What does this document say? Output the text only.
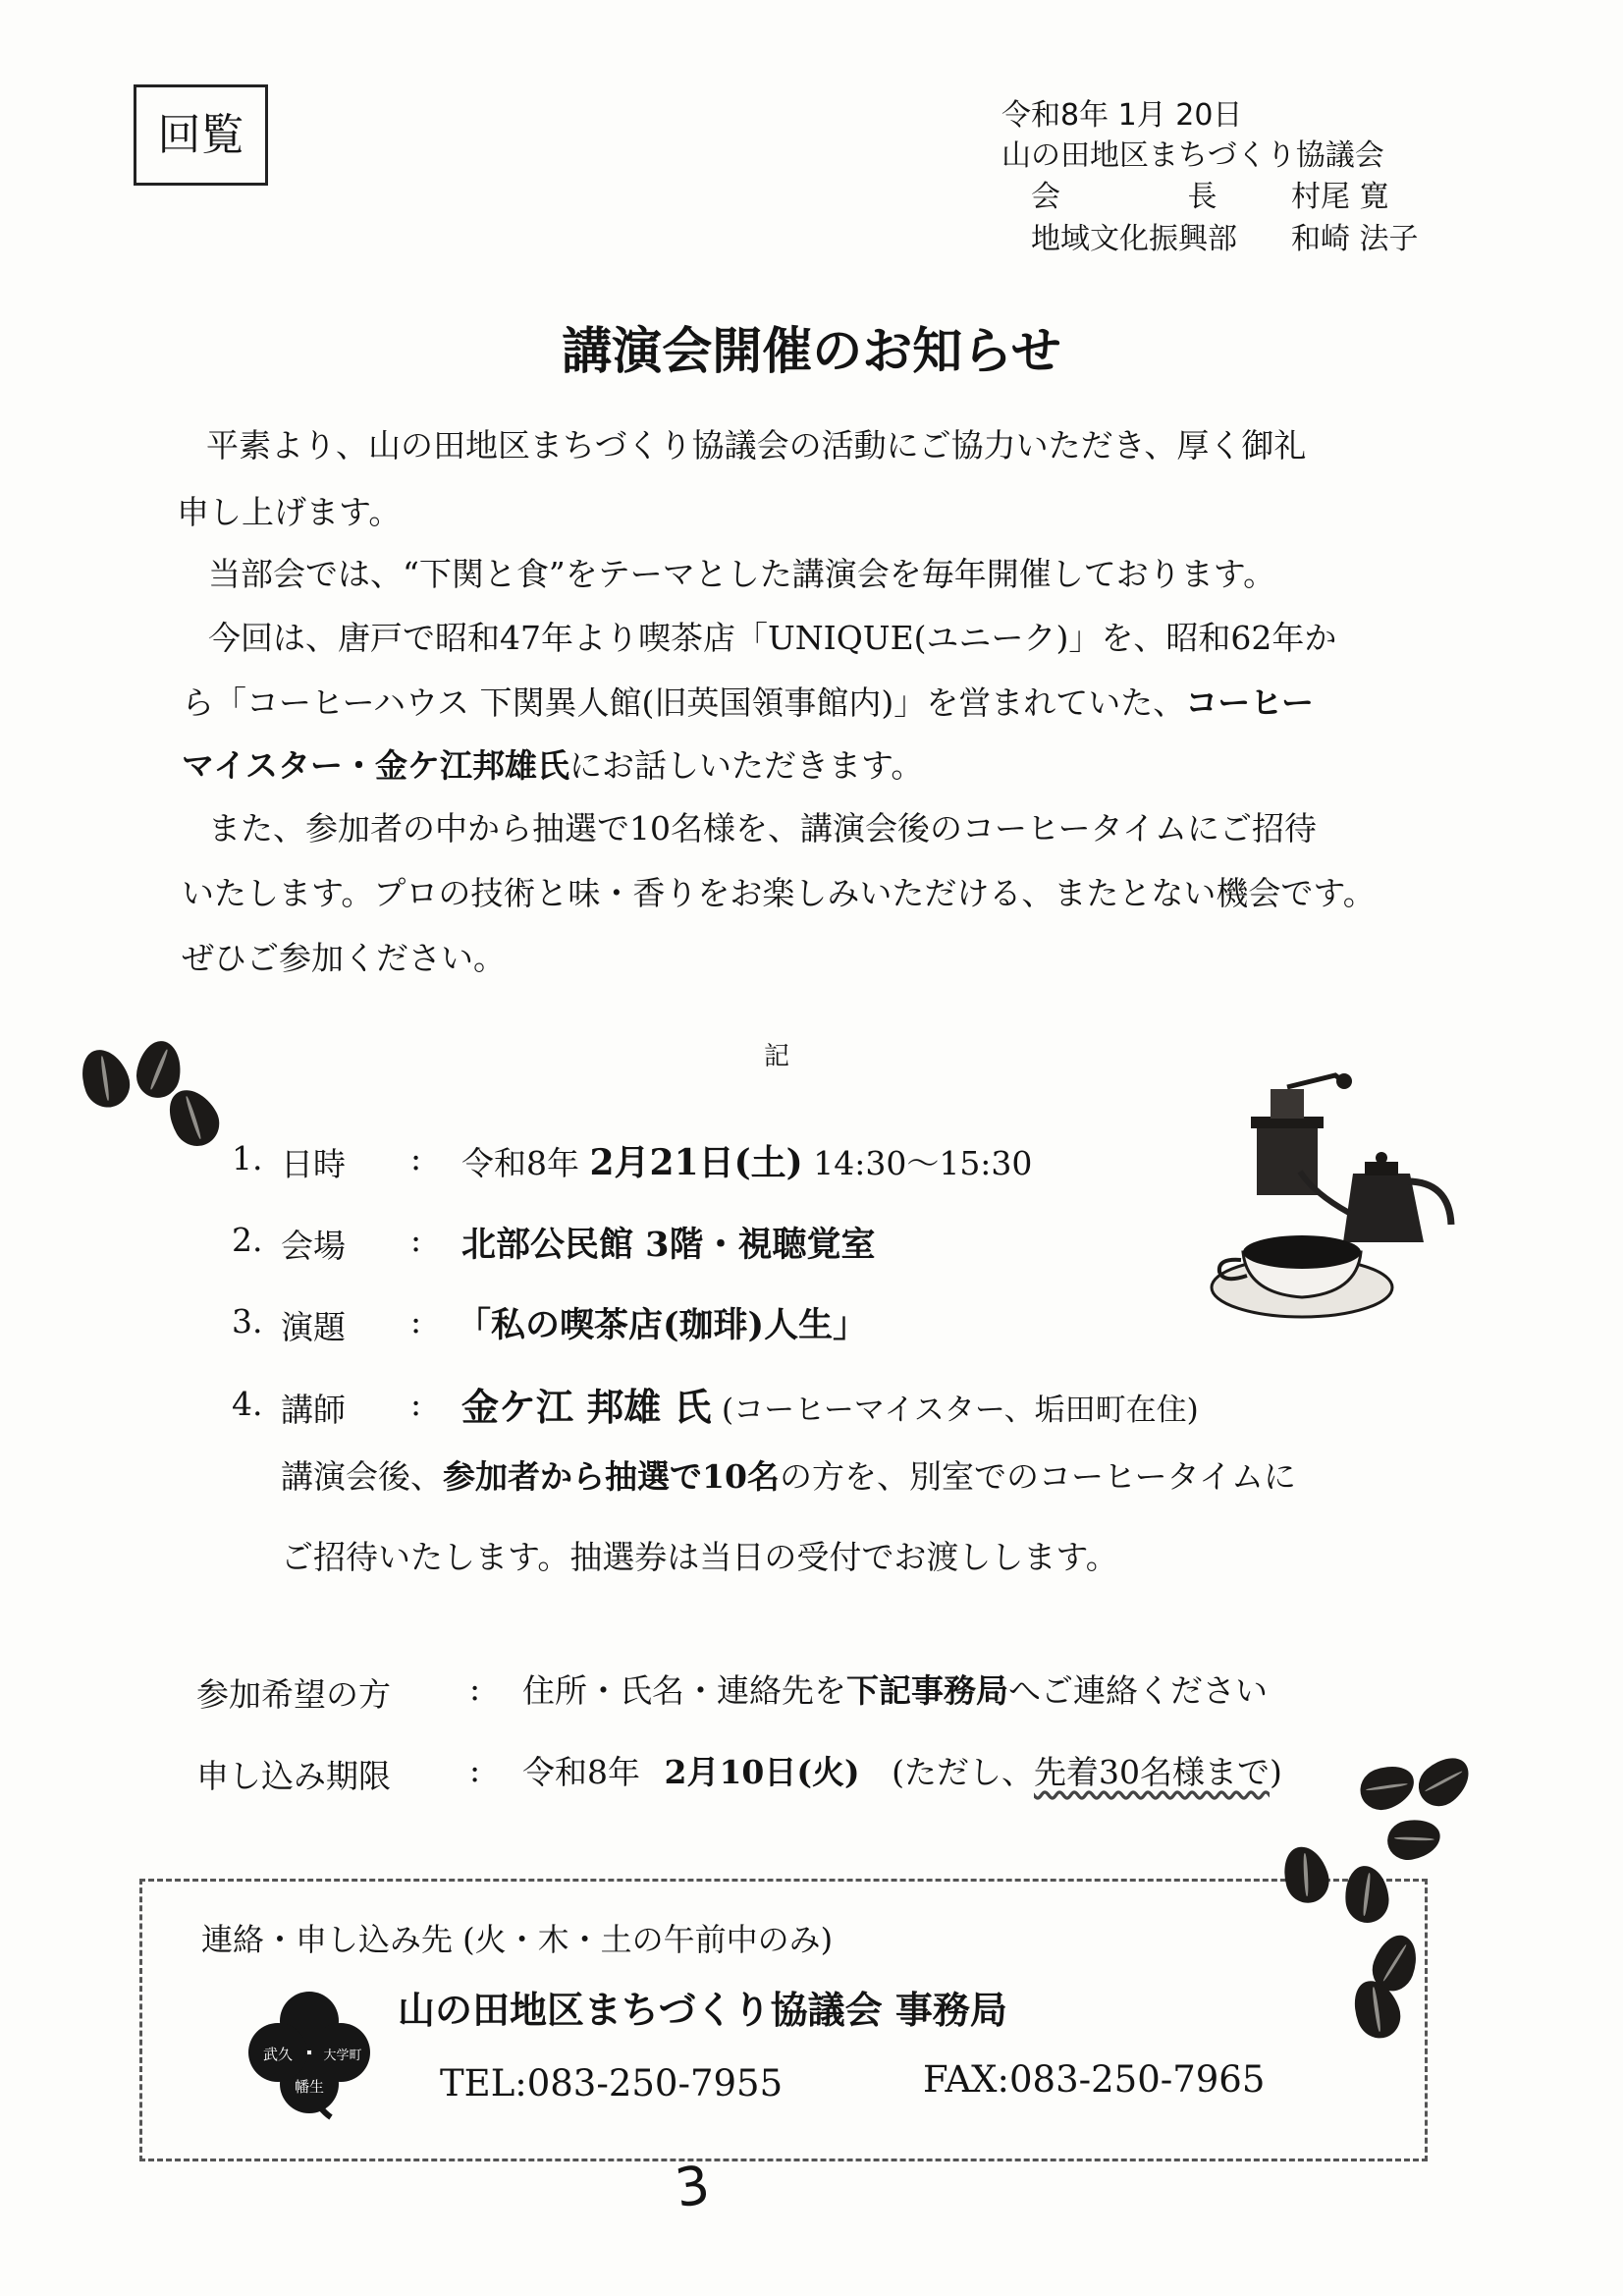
回覧	令和8年 1月 20日
山の田地区まちづくり協議会
会 長 村尾 寛
地域文化振興部 和崎 法子
講演会開催のお知らせ
平素より、山の田地区まちづくり協議会の活動にご協力いただき、厚く御礼
申し上げます。
当部会では、“下関と食”をテーマとした講演会を毎年開催しております。
今回は、唐戸で昭和47年より喫茶店「UNIQUE(ユニーク)」を、昭和62年か
ら「コーヒーハウス 下関異人館(旧英国領事館内)」を営まれていた、コーヒー
マイスター・金ケ江邦雄氏にお話しいただきます。
また、参加者の中から抽選で10名様を、講演会後のコーヒータイムにご招待
いたします。プロの技術と味・香りをお楽しみいただける、またとない機会です。
ぜひご参加ください。
記
1. 日時 : 令和8年 2月21日(土) 14:30〜15:30
2. 会場 : 北部公民館 3階・視聴覚室
3. 演題 : 「私の喫茶店(珈琲)人生」
4. 講師 : 金ケ江 邦雄 氏 (コーヒーマイスター、垢田町在住)
講演会後、参加者から抽選で10名の方を、別室でのコーヒータイムに
ご招待いたします。抽選券は当日の受付でお渡しします。
参加希望の方 : 住所・氏名・連絡先を下記事務局へご連絡ください
申し込み期限 : 令和8年 2月10日(火) (ただし、先着30名様まで)
連絡・申し込み先 (火・木・土の午前中のみ)
武久 大学町
幡生
山の田地区まちづくり協議会 事務局
TEL:083-250-7955	FAX:083-250-7965
3
